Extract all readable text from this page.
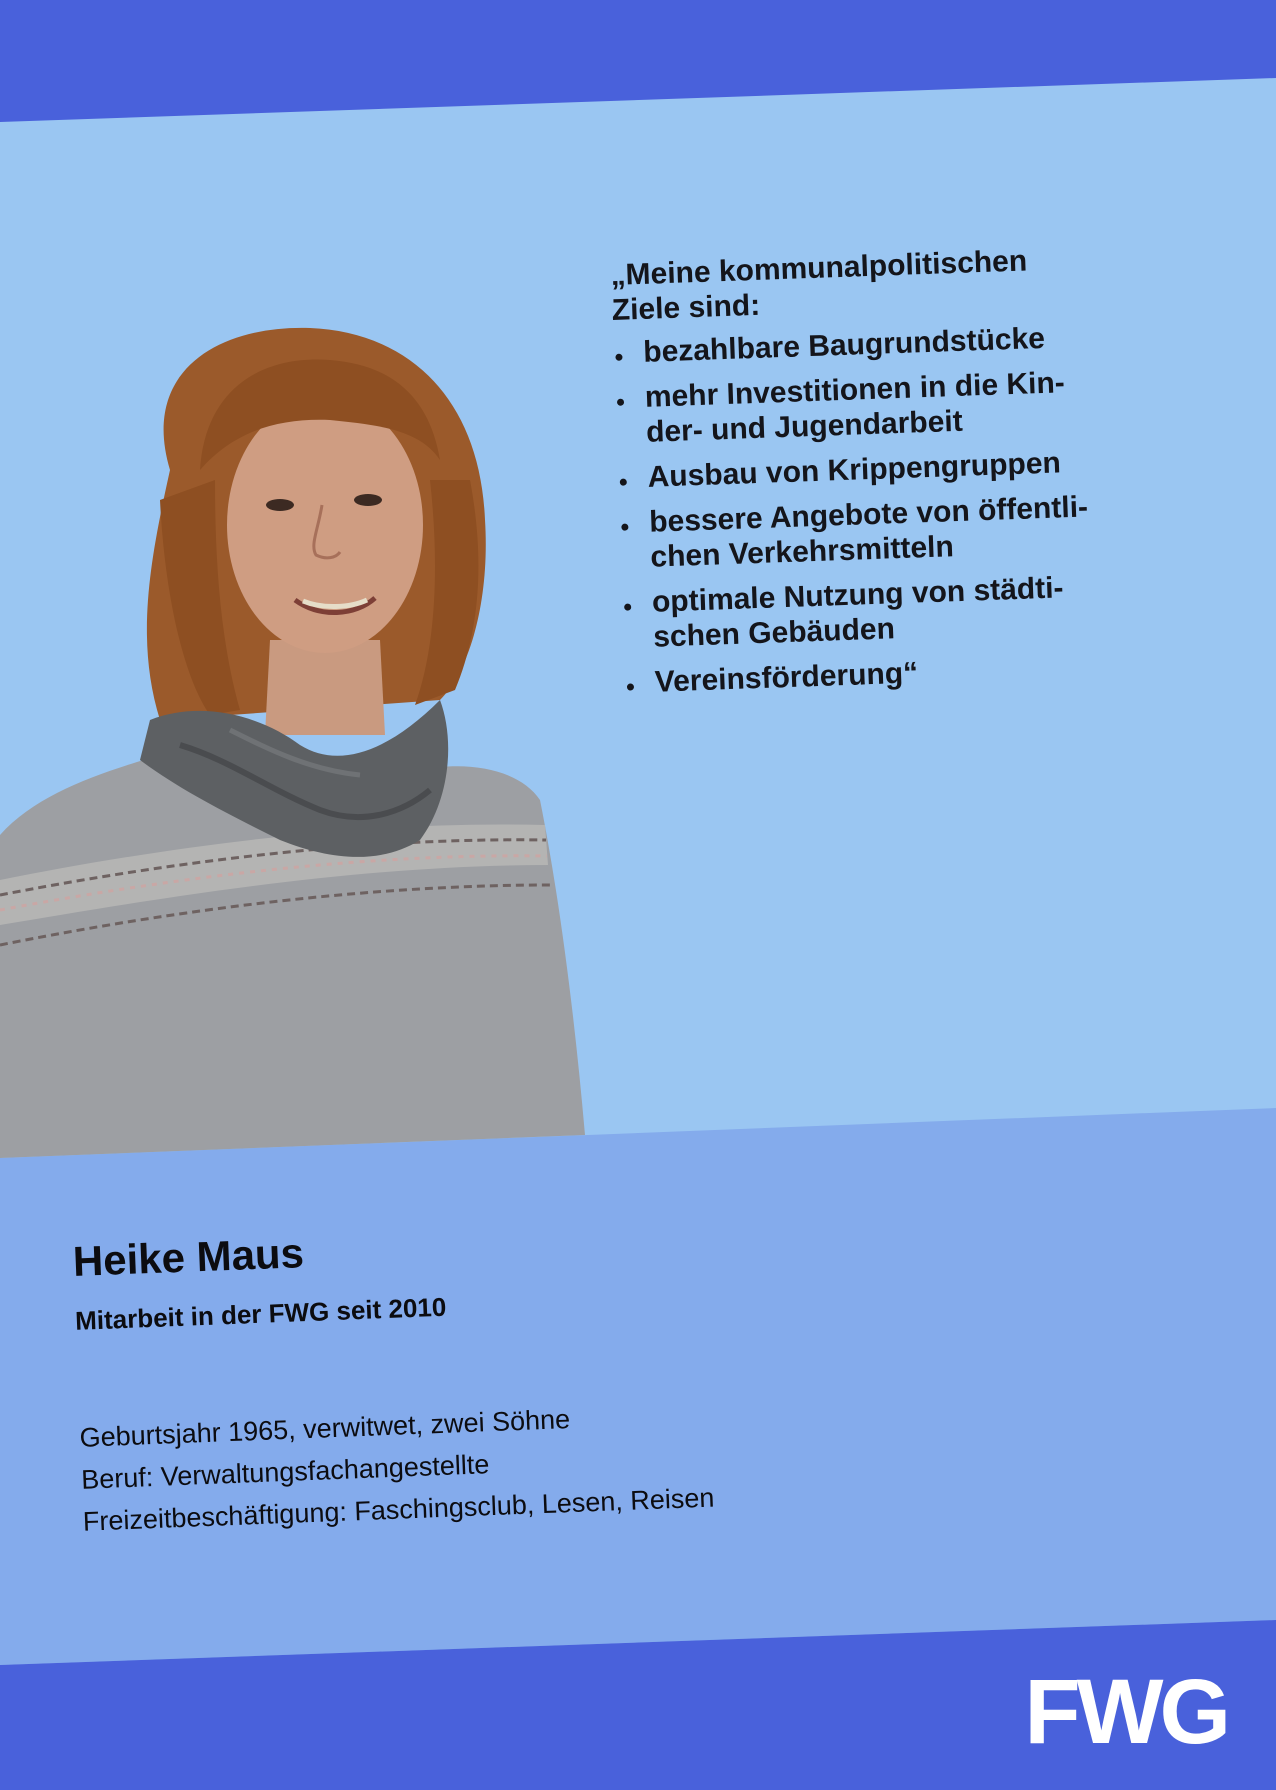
FWG
„Meine kommunalpolitischen
Ziele sind:
bezahlbare Baugrundstücke
mehr Investitionen in die Kin-
der- und Jugendarbeit
Ausbau von Krippengruppen
bessere Angebote von öffentli-
chen Verkehrsmitteln
optimale Nutzung von städti-
schen Gebäuden
Vereinsförderung“
Heike Maus
Mitarbeit in der FWG seit 2010
Geburtsjahr 1965, verwitwet, zwei Söhne
Beruf: Verwaltungsfachangestellte
Freizeitbeschäftigung: Faschingsclub, Lesen, Reisen
